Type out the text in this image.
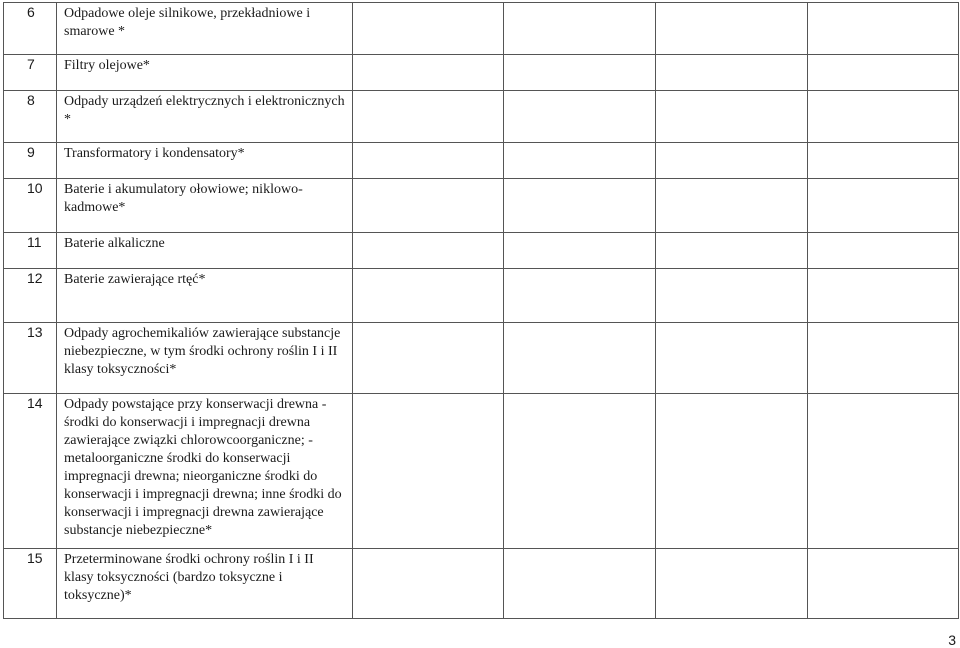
6	Odpadowe oleje silnikowe, przekładniowe i smarowe *				
7	Filtry olejowe*				
8	Odpady urządzeń elektrycznych i elektronicznych *				
9	Transformatory i kondensatory*				
10	Baterie i akumulatory ołowiowe; niklowo-kadmowe*				
11	Baterie alkaliczne				
12	Baterie zawierające rtęć*				
13	Odpady agrochemikaliów zawierające substancje niebezpieczne, w tym środki ochrony roślin I i II klasy toksyczności*				
14	Odpady powstające przy konserwacji drewna - środki do konserwacji i impregnacji drewna zawierające związki chlorowcoorganiczne; - metaloorganiczne środki do konserwacji impregnacji drewna; nieorganiczne środki do konserwacji i impregnacji drewna; inne środki do konserwacji i impregnacji drewna zawierające substancje niebezpieczne*				
15	Przeterminowane środki ochrony roślin I i II klasy toksyczności (bardzo toksyczne i toksyczne)*				
3
